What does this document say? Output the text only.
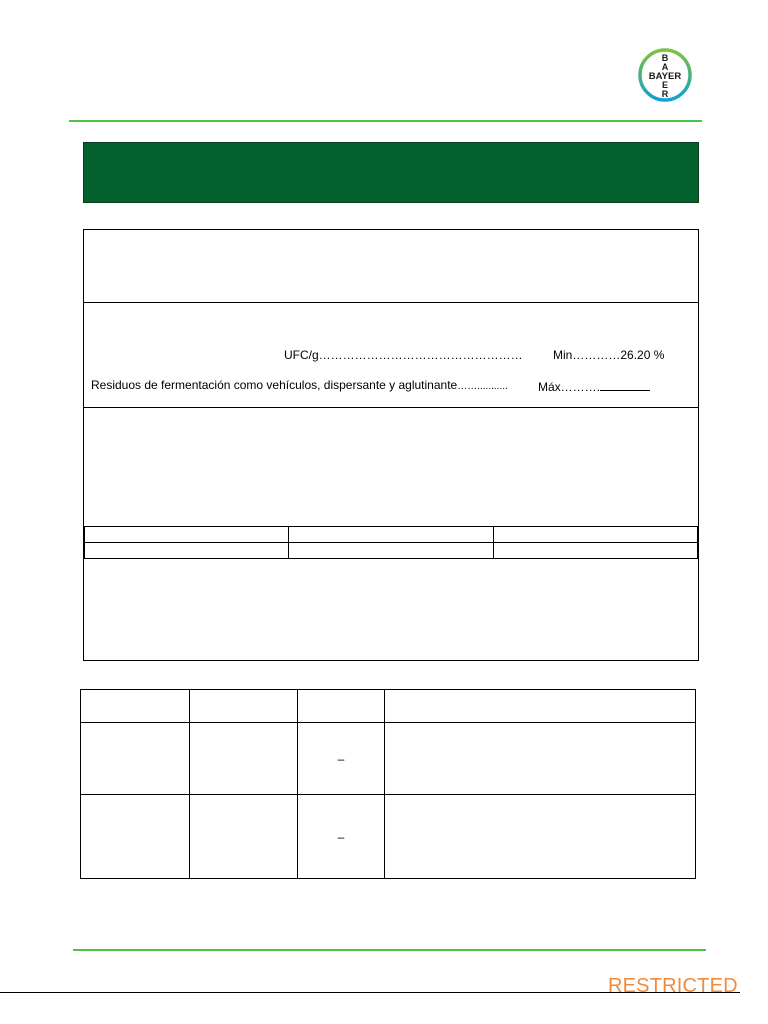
B
A
BAYER
E
R
UFC/g……………………………………………	Min…………26.20 %
Residuos de fermentación como vehículos, dispersante y aglutinante……...........	Máx……….

		–	
		–	
RESTRICTED
